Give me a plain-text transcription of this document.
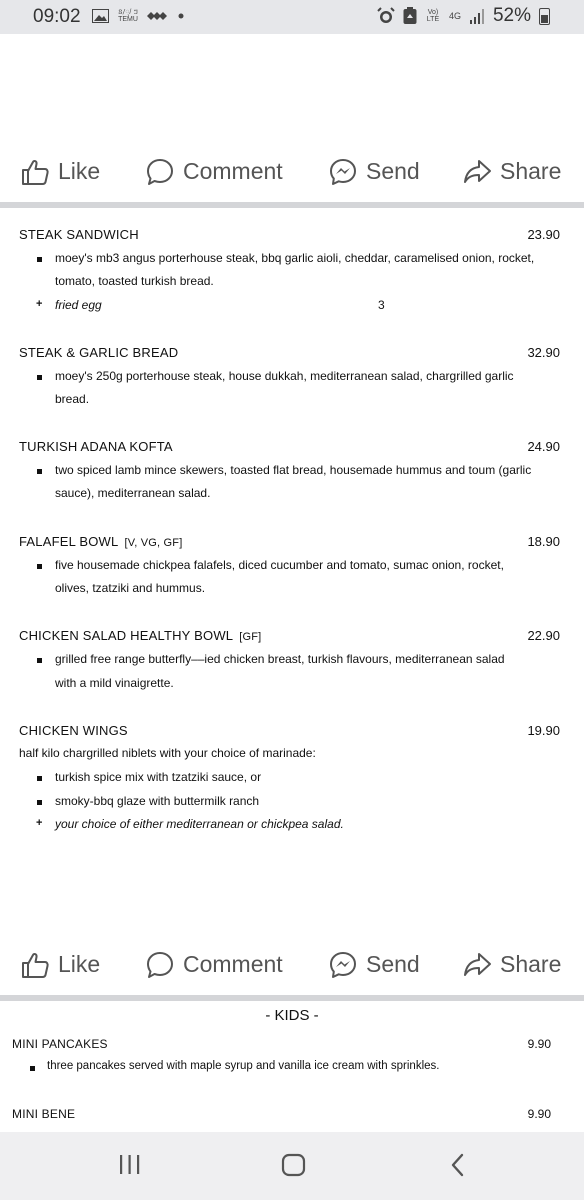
09:02	ន/ុ/ ៗ TEMU
Vo) LTE 4G 52%
Like	Comment	Send	Share
STEAK SANDWICH	23.90
moey's mb3 angus porterhouse steak, bbq garlic aioli, cheddar, caramelised onion, rocket,
tomato, toasted turkish bread.
+ fried egg	3
STEAK & GARLIC BREAD	32.90
moey's 250g porterhouse steak, house dukkah, mediterranean salad, chargrilled garlic
bread.
TURKISH ADANA KOFTA	24.90
two spiced lamb mince skewers, toasted flat bread, housemade hummus and toum (garlic
sauce), mediterranean salad.
FALAFEL BOWL [V, VG, GF]	18.90
five housemade chickpea falafels, diced cucumber and tomato, sumac onion, rocket,
olives, tzatziki and hummus.
CHICKEN SALAD HEALTHY BOWL [GF]	22.90
grilled free range butterfly––ied chicken breast, turkish flavours, mediterranean salad
with a mild vinaigrette.
CHICKEN WINGS	19.90
half kilo chargrilled niblets with your choice of marinade:
turkish spice mix with tzatziki sauce, or
smoky-bbq glaze with buttermilk ranch
+ your choice of either mediterranean or chickpea salad.
Like	Comment	Send	Share
- KIDS -
MINI PANCAKES	9.90
three pancakes served with maple syrup and vanilla ice cream with sprinkles.
MINI BENE	9.90
